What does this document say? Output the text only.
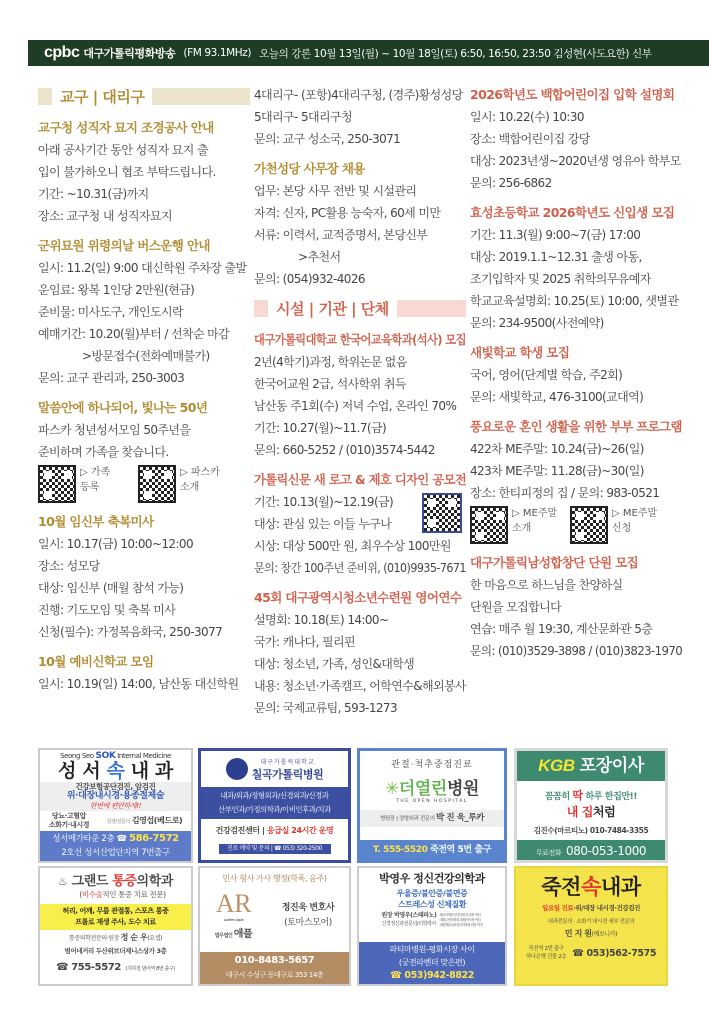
cpbc 대구가톨릭평화방송 (FM 93.1MHz) 오늘의 강론 10월 13일(월) ~ 10월 18일(토) 6:50, 16:50, 23:50 김성현(사도요한) 신부
교구 | 대리구
교구청 성직자 묘지 조경공사 안내
아래 공사기간 동안 성직자 묘지 출
입이 불가하오니 협조 부탁드립니다.
기간: ~10.31(금)까지
장소: 교구청 내 성직자묘지
군위묘원 위령의날 버스운행 안내
일시: 11.2(일) 9:00 대신학원 주차장 출발
운임료: 왕복 1인당 2만원(현금)
준비물: 미사도구, 개인도시락
예매기간: 10.20(월)부터 / 선착순 마감
>방문접수(전화예매불가)
문의: 교구 관리과, 250-3003
말씀안에 하나되어, 빛나는 50년
파스카 청년성서모임 50주년을
준비하며 가족을 찾습니다.
▷ 가족
등록
▷ 파스카
소개
10월 임신부 축복미사
일시: 10.17(금) 10:00~12:00
장소: 성모당
대상: 임신부 (매월 참석 가능)
진행: 기도모임 및 축복 미사
신청(필수): 가정복음화국, 250-3077
10월 예비신학교 모임
일시: 10.19(일) 14:00, 남산동 대신학원
4대리구- (포항)4대리구청, (경주)황성성당
5대리구- 5대리구청
문의: 교구 성소국, 250-3071
가천성당 사무장 채용
업무: 본당 사무 전반 및 시설관리
자격: 신자, PC활용 능숙자, 60세 미만
서류: 이력서, 교적증명서, 본당신부
>추천서
문의: (054)932-4026
시설 | 기관 | 단체
대구가톨릭대학교 한국어교육학과(석사) 모집
2년(4학기)과정, 학위논문 없음
한국어교원 2급, 석사학위 취득
남산동 주1회(수) 저녁 수업, 온라인 70%
기간: 10.27(월)~11.7(금)
문의: 660-5252 / (010)3574-5442
가톨릭신문 새 로고 & 제호 디자인 공모전
기간: 10.13(월)~12.19(금)
대상: 관심 있는 이들 누구나
시상: 대상 500만 원, 최우수상 100만원
문의: 창간 100주년 준비위, (010)9935-7671
45회 대구광역시청소년수련원 영어연수
설명회: 10.18(토) 14:00~
국가: 캐나다, 필리핀
대상: 청소년, 가족, 성인&대학생
내용: 청소년·가족캠프, 어학연수&해외봉사
문의: 국제교류팀, 593-1273
2026학년도 백합어린이집 입학 설명회
일시: 10.22(수) 10:30
장소: 백합어린이집 강당
대상: 2023년생~2020년생 영유아 학부모
문의: 256-6862
효성초등학교 2026학년도 신입생 모집
기간: 11.3(월) 9:00~7(금) 17:00
대상: 2019.1.1~12.31 출생 아동,
조기입학자 및 2025 취학의무유예자
학교교육설명회: 10.25(토) 10:00, 샛별관
문의: 234-9500(사전예약)
새빛학교 학생 모집
국어, 영어(단계별 학습, 주2회)
문의: 새빛학교, 476-3100(교대역)
풍요로운 혼인 생활을 위한 부부 프로그램
422차 ME주말: 10.24(금)~26(일)
423차 ME주말: 11.28(금)~30(일)
장소: 한티피정의 집 / 문의: 983-0521
▷ ME주말
소개
▷ ME주말
신청
대구가톨릭남성합창단 단원 모집
한 마음으로 하느님을 찬양하실
단원을 모집합니다
연습: 매주 월 19:30, 계산문화관 5층
문의: (010)3529-3898 / (010)3823-1970
Seong Seo SOK Internal Medicine
성 서 속 내 과
건강보험공단검진, 암검진
위·대장내시경·용종절제술
한번에 편안하게!!
당뇨·고혈압
소화기·내시경	원장/전문의 김영섭(베드로)
성서메가타운 2층 ☎ 586-7572
2호선 성서산업단지역 7번출구
대구가톨릭대학교
칠곡가톨릭병원
내과/외과/정형외과/신경외과/신경과
산부인과/가정의학과/이비인후과/치과
건강검진센터 | 응급실 24시간 운영
진료 예약 및 문의 | ☎ 053) 320-2500
관절·척추중점진료
✳더열린병원
THE OPEN HOSPITAL
병원장 | 정형외과 전문의 박 진 욱_루카
T. 555-5520 죽전역 5번 출구
KGB 포장이사
꼼꼼히 딱 하루 한집만!!
내 집처럼
김진수(마르티노) 010-7484-3355
무료전화 080-053-1000
♨ 그랜드 통증의학과
(비수술적인 통증 치료 전문)
허리, 어깨, 무릎 관절통, 스포츠 통증
프롤로 재생 주사, 도수 치료
통증의학전문의·원장 정 순 우(요셉)
범어네거리 두산위브더제니스상가 3층
☎ 755-5572 (지하철 범어역 8번 출구)
민사 형사 가사 행정(학폭, 음주)
AR
Lawfirm Apple
법무법인 애플
정진욱 변호사
(토마스모어)
010-8483-5657
대구시 수성구 동대구로 353 14층
박영우 정신건강의학과
우울증/불안증/불면증
스트레스성 신체질환
원장 박영우(스테파노)
신경정신과전문의/의학박사
파티마병원 신경정신과 과장 역임
대한수면의학회 회장/이사장 역임
대한생물치료정신의학회 회장 역임
파티마병원-평화시장 사이
(궁전라벤더 맞은편)
☎ 053)942-8822
죽전속내과
일요일 진료·위/대장 내시경·건강검진
내과전문의 · 소화기 내시경 세부 전문의
민 지 원(베로니카)
죽전역 2번 출구
하나은행 건물 2층 ☎ 053)562-7575
